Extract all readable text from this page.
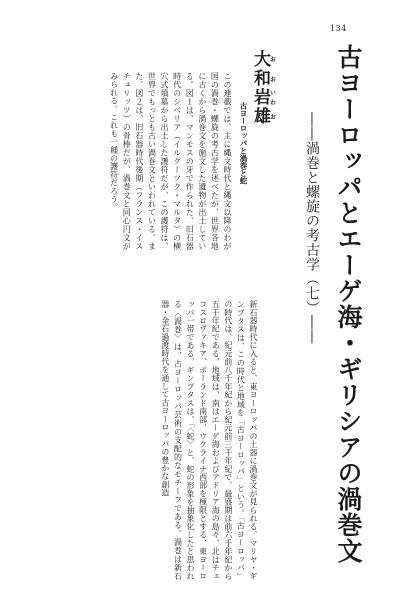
134
古ヨーロッパとエーゲ海・ギリシアの渦巻文
――渦巻と螺旋の考古学（七）――
大和おお岩いわ雄お
古ヨーロッパと渦巻と蛇
この連載では、主に縄文時代と縄文以降のわが国の渦巻・螺旋の考古学を述べたが、世界各地に古くから渦巻文を施文した遺物が出土している。図１は、マンモスの牙で作られた、旧石器時代のシベリア（イルクーツク・マルタ）の横穴式墳墓から出土した護符だが、この護符は、世界でもっとも古い渦巻文といわれている。また、図２は、旧石器時代後期（フランス・イスチュリッツ）の骨棒だが、渦巻文と同心円文がみられる。これも一種の護符だろう。
新石器時代に入ると、東ヨーロッパの土器に渦巻文が見られる。マリヤ・ギンブタスは、この時代と地域を「古ヨーロッパ」という。「古ヨーロッパ」の時代は、紀元前八千年紀から紀元前三千年紀で、最盛期は前六千年紀から五千年紀である。地域は、南はエーゲ海およびアドリア海の島々、北はチェコスロヴァキア、ポーランド南部、ウクライナ西部を極限とする、東ヨーロッパ一帯である。ギンブタスは、「〈蛇〉と、蛇の形象を抽象化したと思われる〈渦巻〉は、古ヨーロッパ芸術の支配的なモチーフである。渦巻は新石器・金石過渡時代を通して古ヨーロッパの豊かな創造
